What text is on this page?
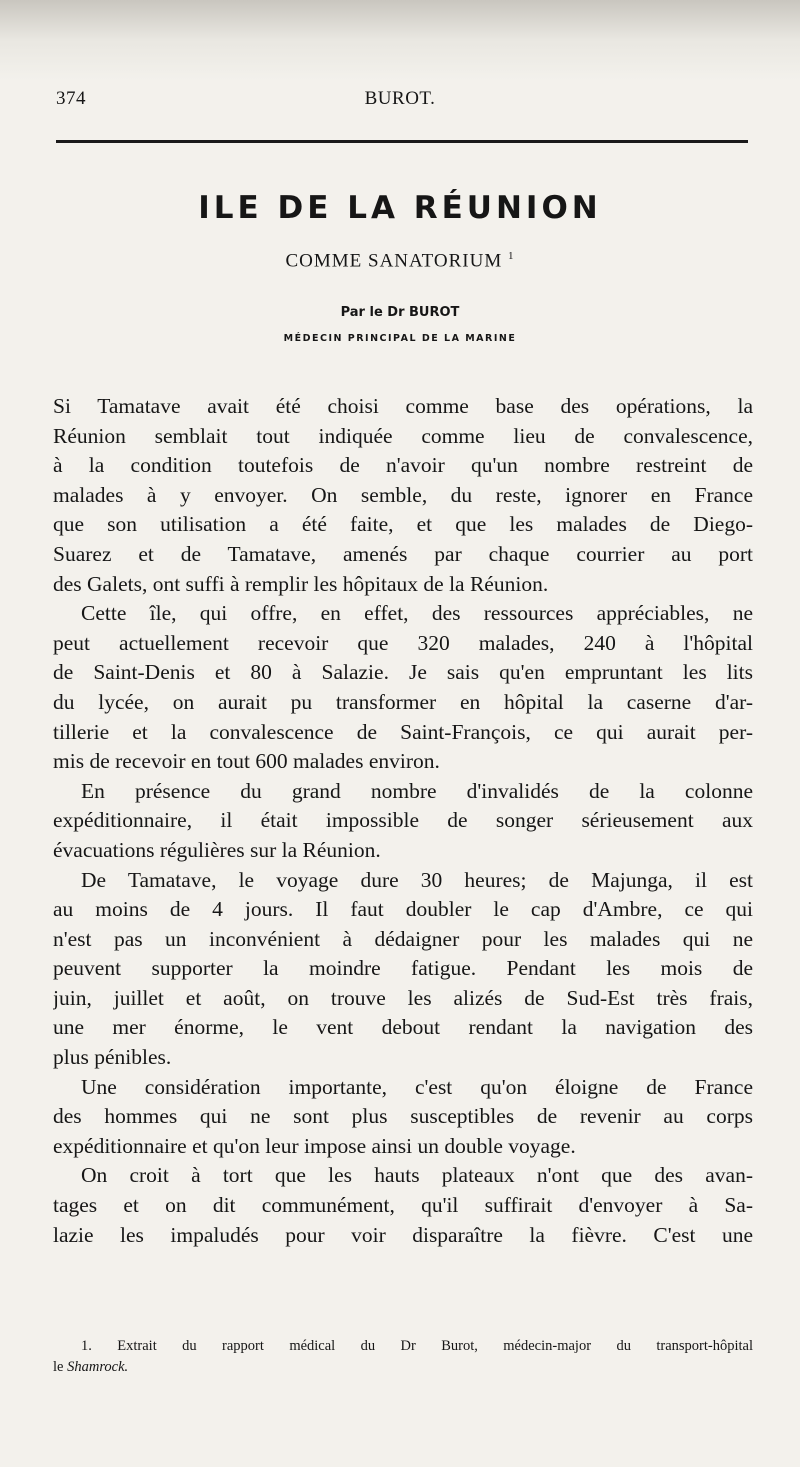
374	BUROT.
ILE DE LA RÉUNION
COMME SANATORIUM $^1$
Par le Dr BUROT
MÉDECIN PRINCIPAL DE LA MARINE
Si Tamatave avait été choisi comme base des opérations, la
Réunion semblait tout indiquée comme lieu de convalescence,
à la condition toutefois de n'avoir qu'un nombre restreint de
malades à y envoyer. On semble, du reste, ignorer en France
que son utilisation a été faite, et que les malades de Diego-
Suarez et de Tamatave, amenés par chaque courrier au port
des Galets, ont suffi à remplir les hôpitaux de la Réunion.
Cette île, qui offre, en effet, des ressources appréciables, ne
peut actuellement recevoir que 320 malades, 240 à l'hôpital
de Saint-Denis et 80 à Salazie. Je sais qu'en empruntant les lits
du lycée, on aurait pu transformer en hôpital la caserne d'ar-
tillerie et la convalescence de Saint-François, ce qui aurait per-
mis de recevoir en tout 600 malades environ.
En présence du grand nombre d'invalidés de la colonne
expéditionnaire, il était impossible de songer sérieusement aux
évacuations régulières sur la Réunion.
De Tamatave, le voyage dure 30 heures; de Majunga, il est
au moins de 4 jours. Il faut doubler le cap d'Ambre, ce qui
n'est pas un inconvénient à dédaigner pour les malades qui ne
peuvent supporter la moindre fatigue. Pendant les mois de
juin, juillet et août, on trouve les alizés de Sud-Est très frais,
une mer énorme, le vent debout rendant la navigation des
plus pénibles.
Une considération importante, c'est qu'on éloigne de France
des hommes qui ne sont plus susceptibles de revenir au corps
expéditionnaire et qu'on leur impose ainsi un double voyage.
On croit à tort que les hauts plateaux n'ont que des avan-
tages et on dit communément, qu'il suffirait d'envoyer à Sa-
lazie les impaludés pour voir disparaître la fièvre. C'est une
1. Extrait du rapport médical du Dr Burot, médecin-major du transport-hôpital
le Shamrock.
